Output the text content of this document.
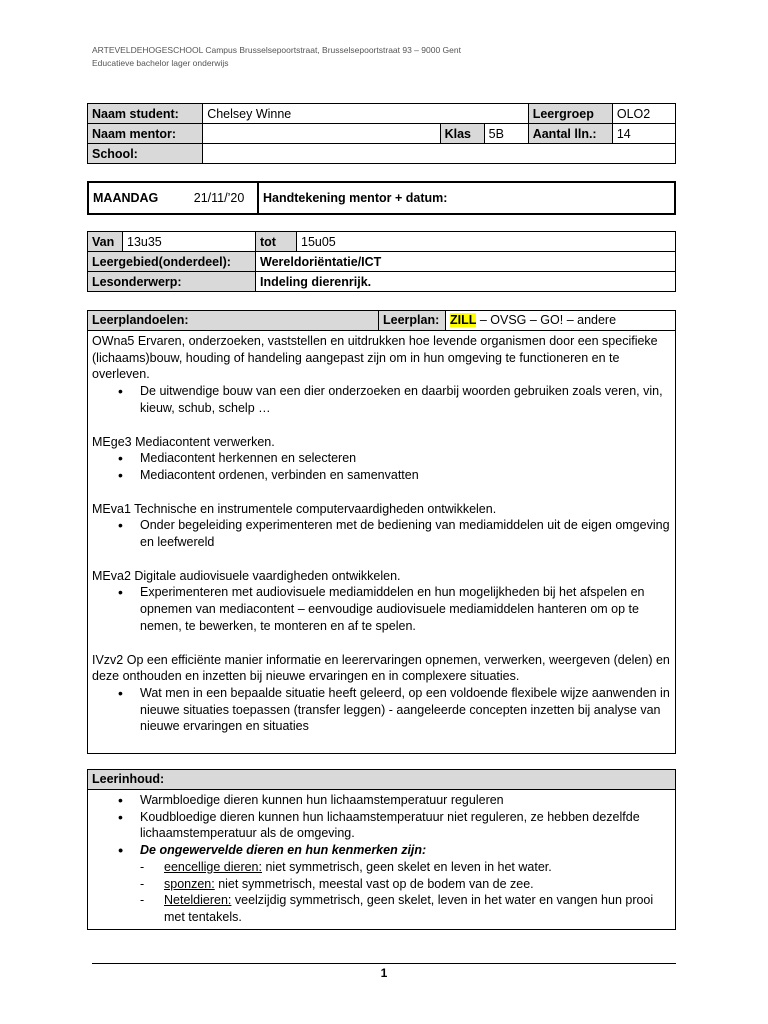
ARTEVELDEHOGESCHOOL Campus Brusselsepoortstraat, Brusselsepoortstraat 93 – 9000 Gent
Educatieve bachelor lager onderwijs
Naam student:	Chelsey Winne			Leergroep	OLO2
Naam mentor:		Klas	5B	Aantal lln.:	14
School:					
MAANDAG	21/11/’20	Handtekening mentor + datum:
Van	13u35	tot	15u05
Leergebied(onderdeel):		Wereldoriëntatie/ICT	
Lesonderwerp:		Indeling dierenrijk.	
Leerplandoelen:	Leerplan: ZILL – OVSG – GO! – andere
OWna5 Ervaren, onderzoeken, vaststellen en uitdrukken hoe levende organismen door een specifieke (lichaams)bouw, houding of handeling aangepast zijn om in hun omgeving te functioneren en te overleven.
• De uitwendige bouw van een dier onderzoeken en daarbij woorden gebruiken zoals veren, vin, kieuw, schub, schelp …
MEge3 Mediacontent verwerken.
• Mediacontent herkennen en selecteren
• Mediacontent ordenen, verbinden en samenvatten
MEva1 Technische en instrumentele computervaardigheden ontwikkelen.
• Onder begeleiding experimenteren met de bediening van mediamiddelen uit de eigen omgeving en leefwereld
MEva2 Digitale audiovisuele vaardigheden ontwikkelen.
• Experimenteren met audiovisuele mediamiddelen en hun mogelijkheden bij het afspelen en opnemen van mediacontent – eenvoudige audiovisuele mediamiddelen hanteren om op te nemen, te bewerken, te monteren en af te spelen.
IVzv2 Op een efficiënte manier informatie en leerervaringen opnemen, verwerken, weergeven (delen) en deze onthouden en inzetten bij nieuwe ervaringen en in complexere situaties.
• Wat men in een bepaalde situatie heeft geleerd, op een voldoende flexibele wijze aanwenden in nieuwe situaties toepassen (transfer leggen) - aangeleerde concepten inzetten bij analyse van nieuwe ervaringen en situaties
Leerinhoud:
• Warmbloedige dieren kunnen hun lichaamstemperatuur reguleren
• Koudbloedige dieren kunnen hun lichaamstemperatuur niet reguleren, ze hebben dezelfde lichaamstemperatuur als de omgeving.
• De ongewervelde dieren en hun kenmerken zijn:
- eencellige dieren: niet symmetrisch, geen skelet en leven in het water.
- sponzen: niet symmetrisch, meestal vast op de bodem van de zee.
- Neteldieren: veelzijdig symmetrisch, geen skelet, leven in het water en vangen hun prooi met tentakels.
1
